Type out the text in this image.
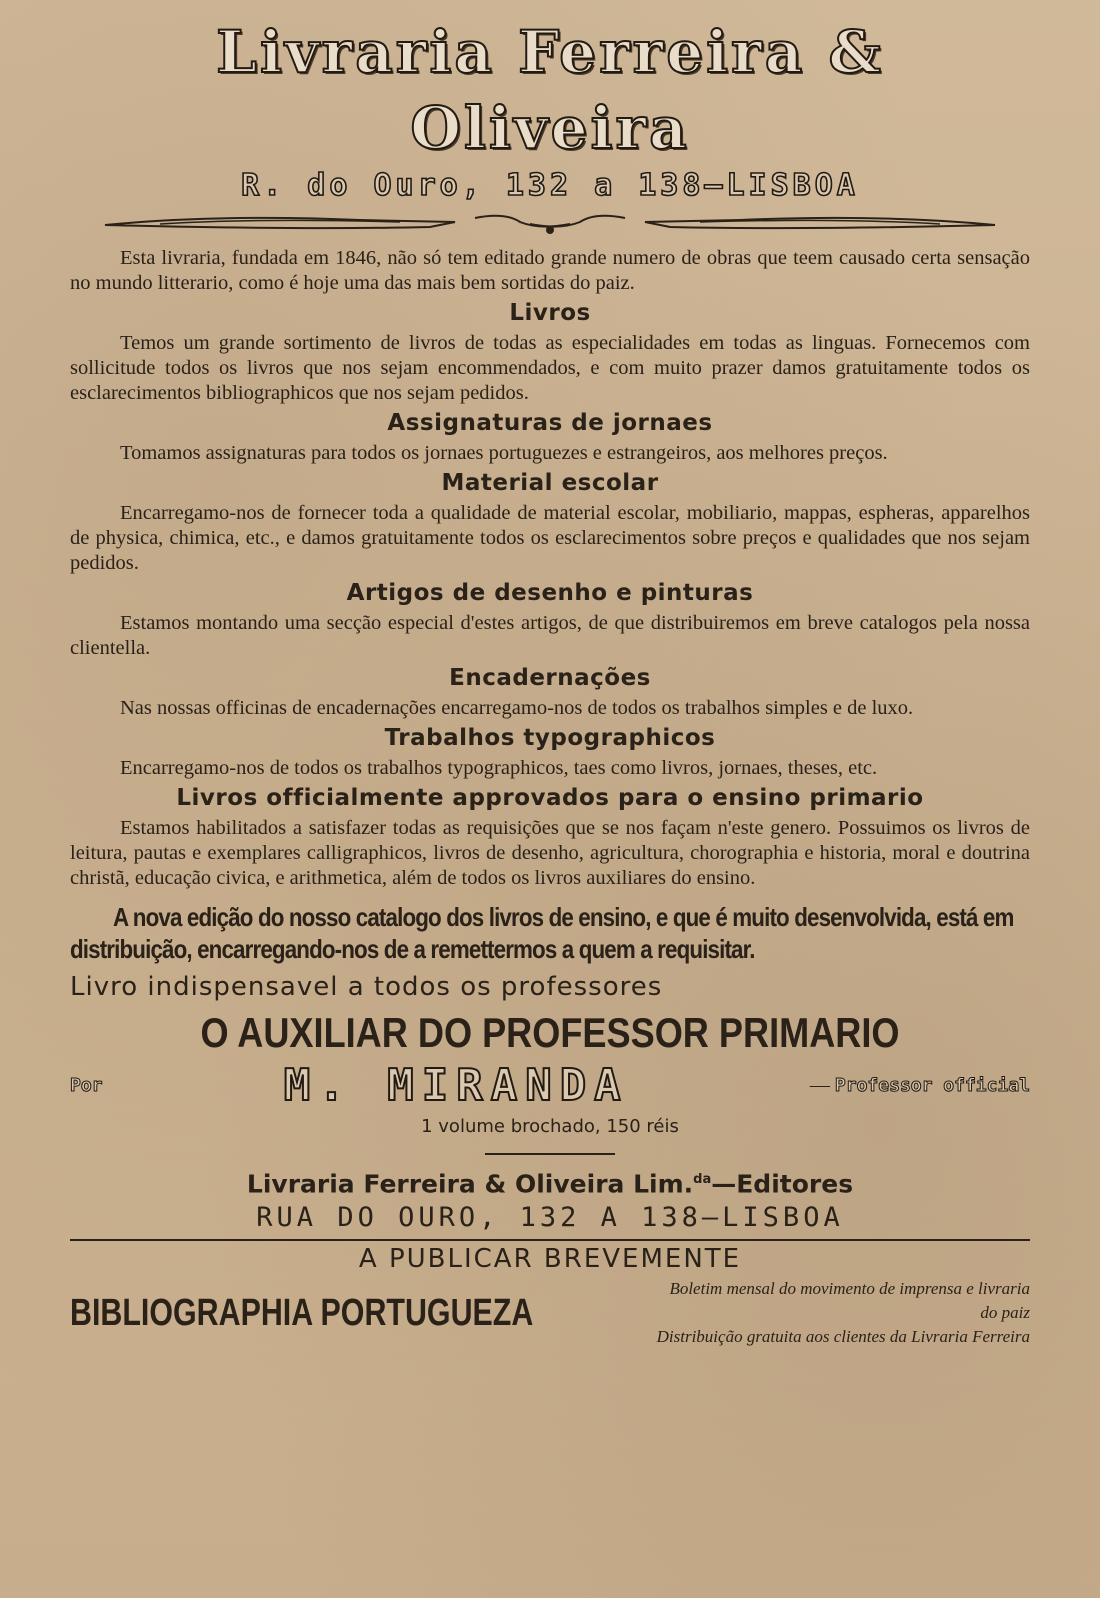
Livraria Ferreira & Oliveira

R. do Ouro, 132 a 138—LISBOA

Esta livraria, fundada em 1846, não só tem editado grande numero de obras que teem causado certa sensação no mundo litterario, como é hoje uma das mais bem sortidas do paiz.

Livros

Temos um grande sortimento de livros de todas as especialidades em todas as linguas. Fornecemos com sollicitude todos os livros que nos sejam encommendados, e com muito prazer damos gratuitamente todos os esclarecimentos bibliographicos que nos sejam pedidos.

Assignaturas de jornaes

Tomamos assignaturas para todos os jornaes portuguezes e estrangeiros, aos melhores preços.

Material escolar

Encarregamo-nos de fornecer toda a qualidade de material escolar, mobiliario, mappas, espheras, apparelhos de physica, chimica, etc., e damos gratuitamente todos os esclarecimentos sobre preços e qualidades que nos sejam pedidos.

Artigos de desenho e pinturas

Estamos montando uma secção especial d'estes artigos, de que distribuiremos em breve catalogos pela nossa clientella.

Encadernações

Nas nossas officinas de encadernações encarregamo-nos de todos os trabalhos simples e de luxo.

Trabalhos typographicos

Encarregamo-nos de todos os trabalhos typographicos, taes como livros, jornaes, theses, etc.

Livros officialmente approvados para o ensino primario

Estamos habilitados a satisfazer todas as requisições que se nos façam n'este genero. Possuimos os livros de leitura, pautas e exemplares calligraphicos, livros de desenho, agricultura, chorographia e historia, moral e doutrina christã, educação civica, e arithmetica, além de todos os livros auxiliares do ensino.

A nova edição do nosso catalogo dos livros de ensino, e que é muito desenvolvida, está em distribuição, encarregando-nos de a remettermos a quem a requisitar.

Livro indispensavel a todos os professores

O AUXILIAR DO PROFESSOR PRIMARIO

Por	M. MIRANDA	— Professor official

1 volume brochado, 150 réis

Livraria Ferreira & Oliveira Lim.$^{da}$—Editores

RUA DO OURO, 132 A 138—LISBOA

A PUBLICAR BREVEMENTE

BIBLIOGRAPHIA PORTUGUEZA
Boletim mensal do movimento de imprensa e livraria do paiz
Distribuição gratuita aos clientes da Livraria Ferreira
